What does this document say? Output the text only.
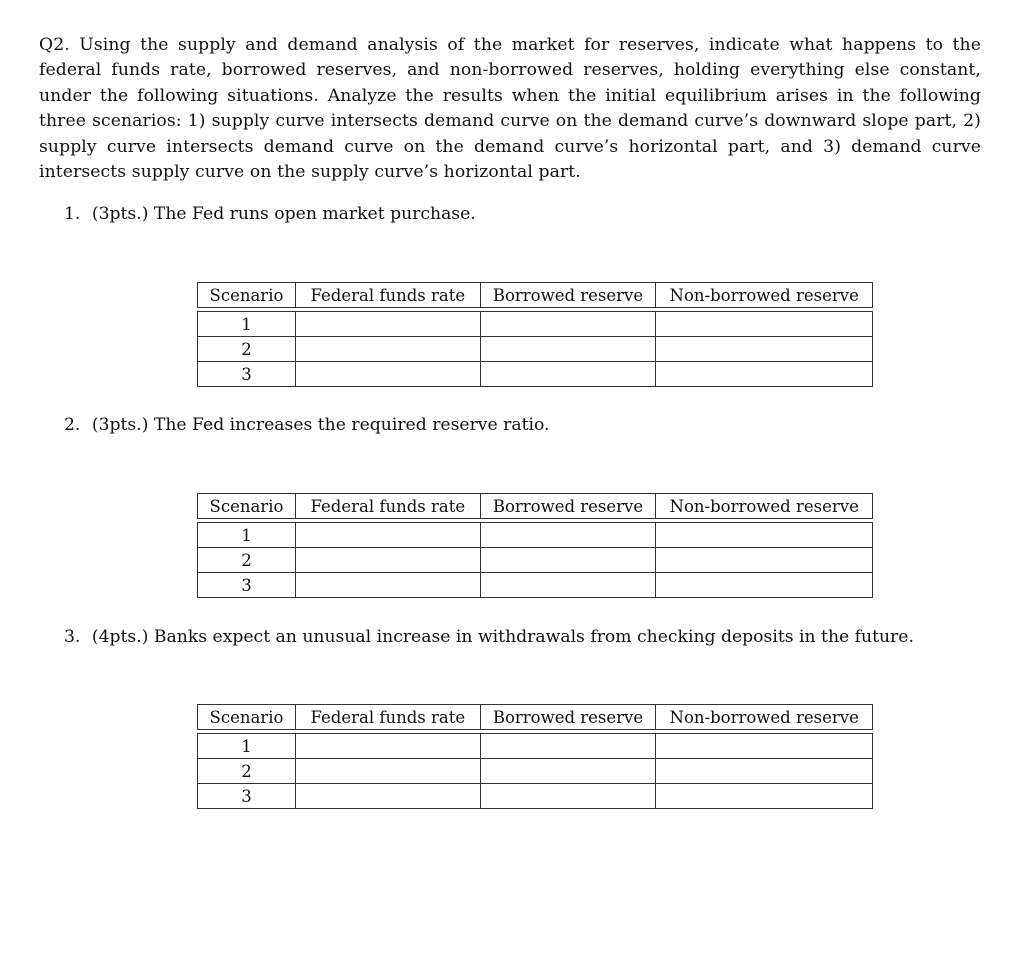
Q2. Using the supply and demand analysis of the market for reserves, indicate what happens to the federal funds rate, borrowed reserves, and non-borrowed reserves, holding everything else constant, under the following situations. Analyze the results when the initial equilibrium arises in the following three scenarios: 1) supply curve intersects demand curve on the demand curve’s downward slope part, 2) supply curve intersects demand curve on the demand curve’s horizontal part, and 3) demand curve intersects supply curve on the supply curve’s horizontal part.
1. (3pts.) The Fed runs open market purchase.
Scenario	Federal funds rate	Borrowed reserve	Non-borrowed reserve

1			
2			
3			
2. (3pts.) The Fed increases the required reserve ratio.
Scenario	Federal funds rate	Borrowed reserve	Non-borrowed reserve

1			
2			
3			
3. (4pts.) Banks expect an unusual increase in withdrawals from checking deposits in the future.
Scenario	Federal funds rate	Borrowed reserve	Non-borrowed reserve

1			
2			
3			
